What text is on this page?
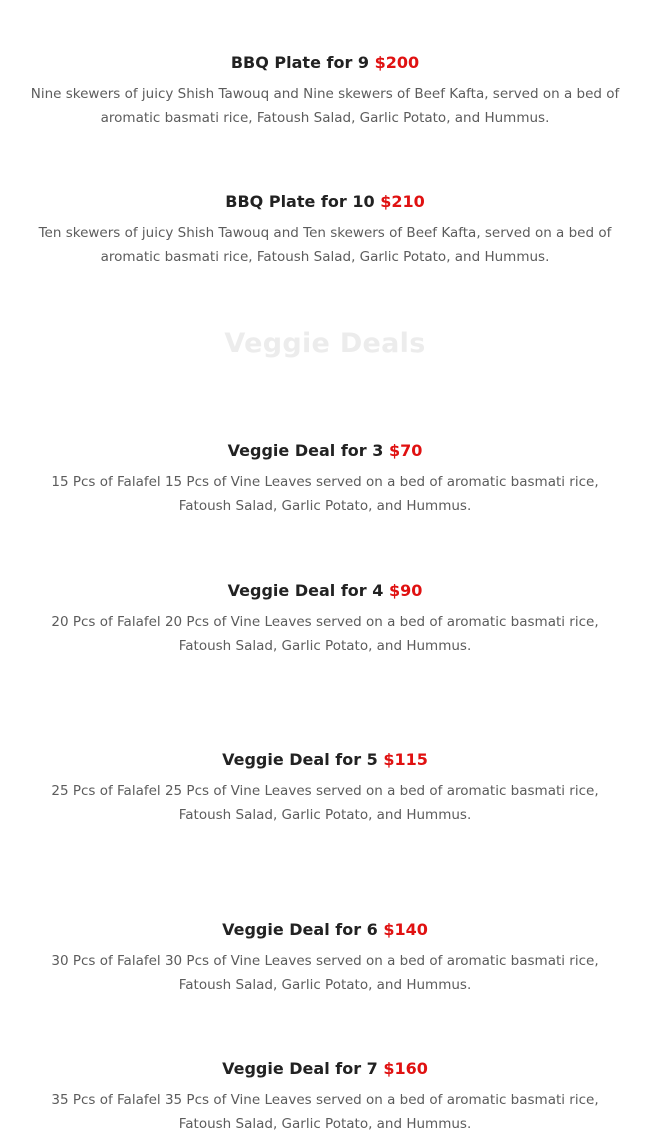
BBQ Plate for 9 $200
Nine skewers of juicy Shish Tawouq and Nine skewers of Beef Kafta, served on a bed of aromatic basmati rice, Fatoush Salad, Garlic Potato, and Hummus.
BBQ Plate for 10 $210
Ten skewers of juicy Shish Tawouq and Ten skewers of Beef Kafta, served on a bed of aromatic basmati rice, Fatoush Salad, Garlic Potato, and Hummus.
Veggie Deals
Veggie Deal for 3 $70
15 Pcs of Falafel 15 Pcs of Vine Leaves served on a bed of aromatic basmati rice, Fatoush Salad, Garlic Potato, and Hummus.
Veggie Deal for 4 $90
20 Pcs of Falafel 20 Pcs of Vine Leaves served on a bed of aromatic basmati rice, Fatoush Salad, Garlic Potato, and Hummus.
Veggie Deal for 5 $115
25 Pcs of Falafel 25 Pcs of Vine Leaves served on a bed of aromatic basmati rice, Fatoush Salad, Garlic Potato, and Hummus.
Veggie Deal for 6 $140
30 Pcs of Falafel 30 Pcs of Vine Leaves served on a bed of aromatic basmati rice, Fatoush Salad, Garlic Potato, and Hummus.
Veggie Deal for 7 $160
35 Pcs of Falafel 35 Pcs of Vine Leaves served on a bed of aromatic basmati rice, Fatoush Salad, Garlic Potato, and Hummus.
